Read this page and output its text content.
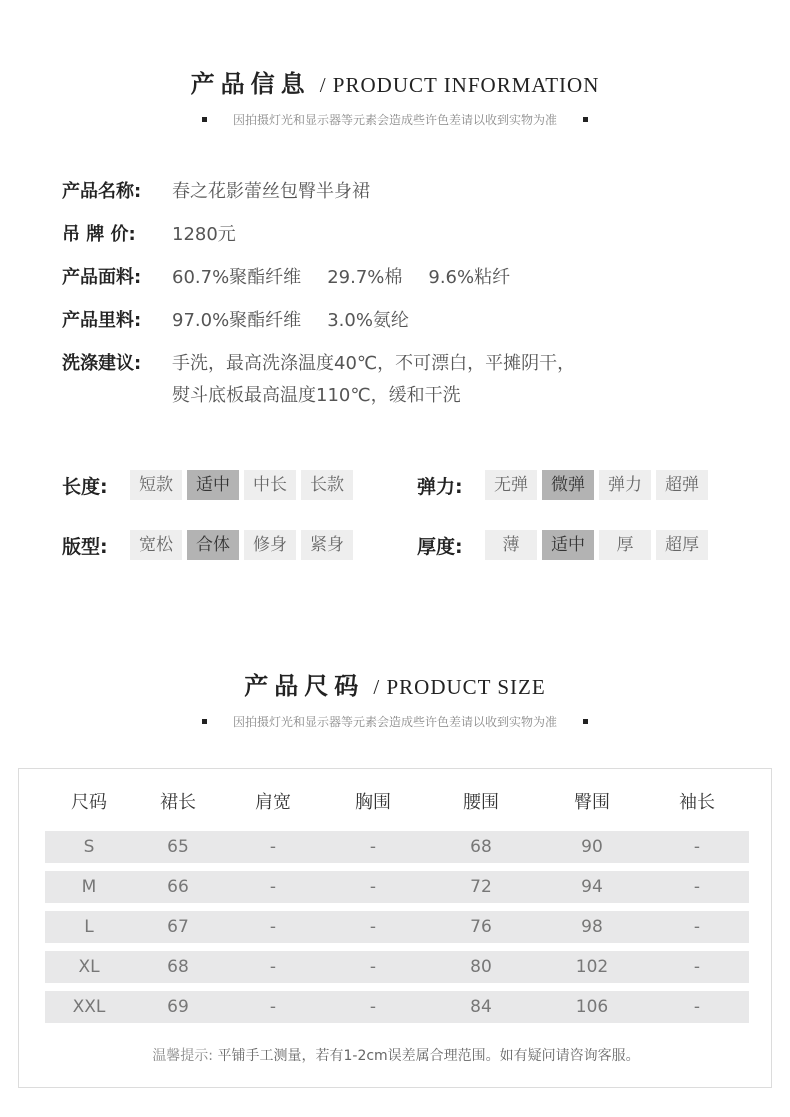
产品信息 / PRODUCT INFORMATION
因拍摄灯光和显示器等元素会造成些许色差请以收到实物为准
产品名称:	春之花影蕾丝包臀半身裙
吊 牌 价:	1280元
产品面料:	60.7%聚酯纤维 29.7%棉 9.6%粘纤
产品里料:	97.0%聚酯纤维 3.0%氨纶
洗涤建议:	手洗，最高洗涤温度40℃，不可漂白，平摊阴干，
熨斗底板最高温度110℃，缓和干洗
长度:	短款	适中	中长	长款	弹力:	无弹	微弹	弹力	超弹
版型:	宽松	合体	修身	紧身	厚度:	薄	适中	厚	超厚
产品尺码 / PRODUCT SIZE
因拍摄灯光和显示器等元素会造成些许色差请以收到实物为准
尺码	裙长	肩宽	胸围	腰围	臀围	袖长
S	65	-	-	68	90	-
M	66	-	-	72	94	-
L	67	-	-	76	98	-
XL	68	-	-	80	102	-
XXL	69	-	-	84	106	-
温馨提示: 平铺手工测量，若有1-2cm误差属合理范围。如有疑问请咨询客服。
